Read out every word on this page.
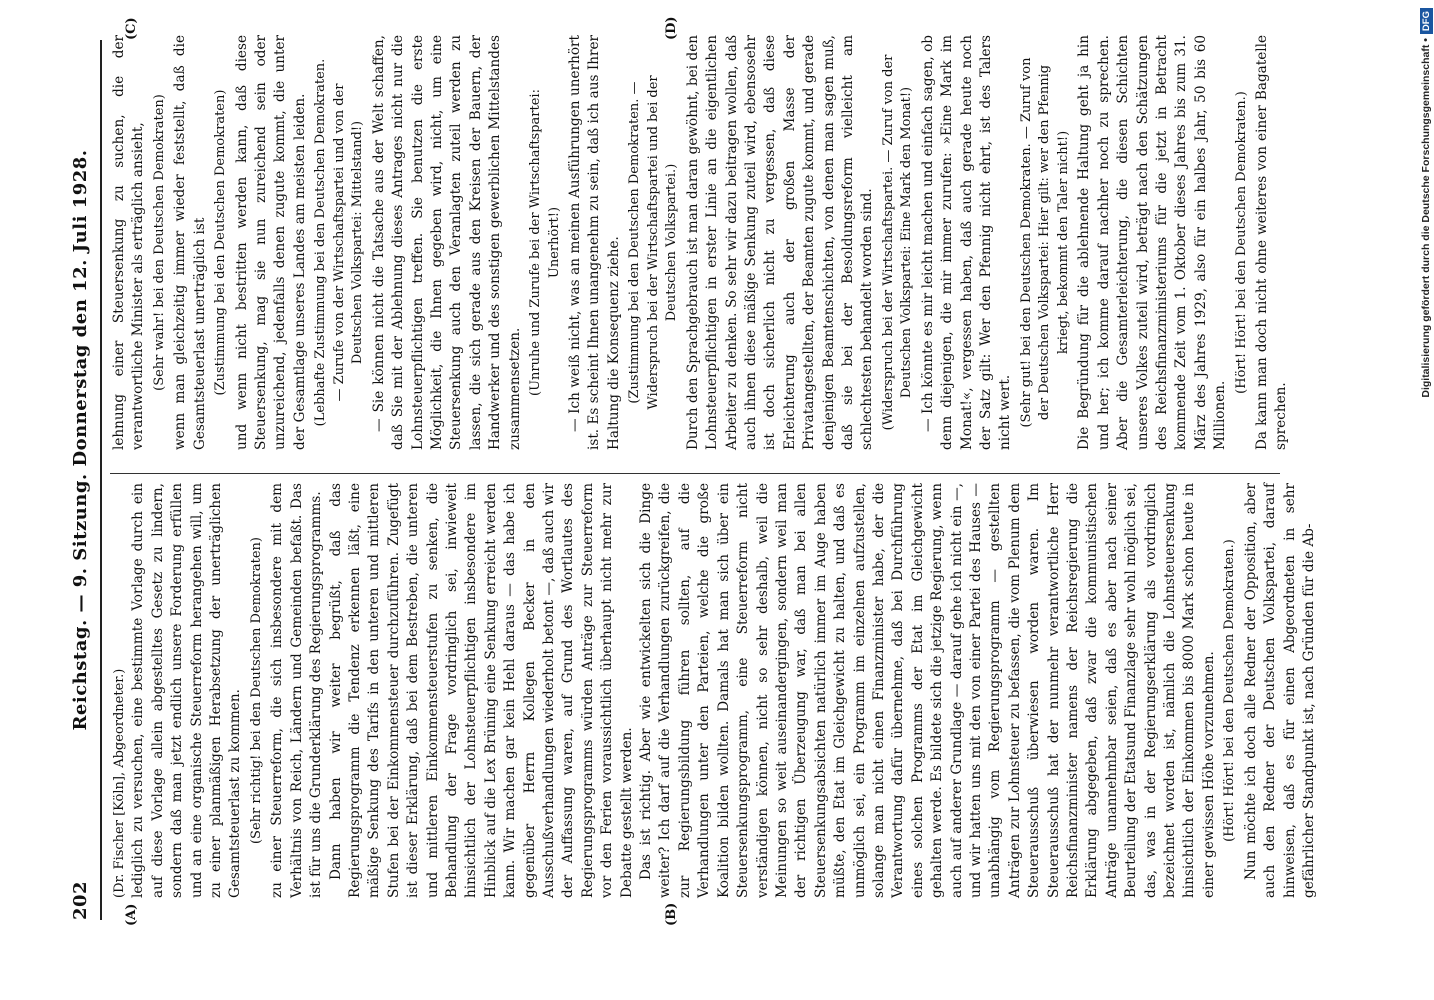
202
Reichstag. — 9. Sitzung. Donnerstag den 12. Juli 1928.
(A)	(B)
(C)	(D)

(Dr. Fischer [Köln], Abgeordneter.) lediglich zu versuchen, eine bestimmte Vorlage durch ein auf diese Vorlage allein abgestelltes Gesetz zu lindern, sondern daß man jetzt endlich unsere Forderung erfüllen und an eine organische Steuerreform herangehen will, um zu einer planmäßigen Herabsetzung der unerträglichen Gesamtsteuerlast zu kommen. (Sehr richtig! bei den Deutschen Demokraten) zu einer Steuerreform, die sich insbesondere mit dem Verhältnis von Reich, Ländern und Gemeinden befaßt. Das ist für uns die Grunderklärung des Regierungsprogramms. Dann haben wir weiter begrüßt, daß das Regierungsprogramm die Tendenz erkennen läßt, eine mäßige Senkung des Tarifs in den unteren und mittleren Stufen bei der Einkommensteuer durchzuführen. Zugefügt ist dieser Erklärung, daß bei dem Bestreben, die unteren und mittleren Einkommensteuerstufen zu senken, die Behandlung der Frage vordringlich sei, inwieweit hinsichtlich der Lohnsteuerpflichtigen insbesondere im Hinblick auf die Lex Brüning eine Senkung erreicht werden kann. Wir machen gar kein Hehl daraus — das habe ich gegenüber Herrn Kollegen Becker in den Ausschußverhandlungen wiederholt betont —, daß auch wir der Auffassung waren, auf Grund des Wortlautes des Regierungsprogramms würden Anträge zur Steuerreform vor den Ferien voraussichtlich überhaupt nicht mehr zur Debatte gestellt werden. Das ist richtig. Aber wie entwickelten sich die Dinge weiter? Ich darf auf die Verhandlungen zurückgreifen, die zur Regierungsbildung führen sollten, auf die Verhandlungen unter den Parteien, welche die große Koalition bilden wollten. Damals hat man sich über ein Steuersenkungsprogramm, eine Steuerreform nicht verständigen können, nicht so sehr deshalb, weil die Meinungen so weit auseinandergingen, sondern weil man der richtigen Überzeugung war, daß man bei allen Steuersenkungsabsichten natürlich immer im Auge haben müßte, den Etat im Gleichgewicht zu halten, und daß es unmöglich sei, ein Programm im einzelnen aufzustellen, solange man nicht einen Finanzminister habe, der die Verantwortung dafür übernehme, daß bei Durchführung eines solchen Programms der Etat im Gleichgewicht gehalten werde. Es bildete sich die jetzige Regierung, wenn auch auf anderer Grundlage — darauf gehe ich nicht ein —, und wir hatten uns mit den von einer Partei des Hauses — unabhängig vom Regierungsprogramm — gestellten Anträgen zur Lohnsteuer zu befassen, die vom Plenum dem Steuerausschuß überwiesen worden waren. Im Steuerausschuß hat der nunmehr verantwortliche Herr Reichsfinanzminister namens der Reichsregierung die Erklärung abgegeben, daß zwar die kommunistischen Anträge unannehmbar seien, daß es aber nach seiner Beurteilung der Etatsund Finanzlage sehr wohl möglich sei, das, was in der Regierungserklärung als vordringlich bezeichnet worden ist, nämlich die Lohnsteuersenkung hinsichtlich der Einkommen bis 8000 Mark schon heute in einer gewissen Höhe vorzunehmen. (Hört! Hört! bei den Deutschen Demokraten.) Nun möchte ich doch alle Redner der Opposition, aber auch den Redner der Deutschen Volkspartei, darauf hinweisen, daß es für einen Abgeordneten in sehr gefährlicher Standpunkt ist, nach Gründen für die Ab-

lehnung einer Steuersenkung zu suchen, die der verantwortliche Minister als erträglich ansieht, (Sehr wahr! bei den Deutschen Demokraten) wenn man gleichzeitig immer wieder feststellt, daß die Gesamtsteuerlast unerträglich ist (Zustimmung bei den Deutschen Demokraten) und wenn nicht bestritten werden kann, daß diese Steuersenkung, mag sie nun zureichend sein oder unzureichend, jedenfalls denen zugute kommt, die unter der Gesamtlage unseres Landes am meisten leiden. (Lebhafte Zustimmung bei den Deutschen Demokraten. — Zurufe von der Wirtschaftspartei und von der Deutschen Volkspartei: Mittelstand!) — Sie können nicht die Tatsache aus der Welt schaffen, daß Sie mit der Ablehnung dieses Antrages nicht nur die Lohnsteuerpflichtigen treffen. Sie benutzen die erste Möglichkeit, die Ihnen gegeben wird, nicht, um eine Steuersenkung auch den Veranlagten zuteil werden zu lassen, die sich gerade aus den Kreisen der Bauern, der Handwerker und des sonstigen gewerblichen Mittelstandes zusammensetzen. (Unruhe und Zurufe bei der Wirtschaftspartei: Unerhört!) — Ich weiß nicht, was an meinen Ausführungen unerhört ist. Es scheint Ihnen unangenehm zu sein, daß ich aus Ihrer Haltung die Konsequenz ziehe. (Zustimmung bei den Deutschen Demokraten. — Widerspruch bei der Wirtschaftspartei und bei der Deutschen Volkspartei.) Durch den Sprachgebrauch ist man daran gewöhnt, bei den Lohnsteuerpflichtigen in erster Linie an die eigentlichen Arbeiter zu denken. So sehr wir dazu beitragen wollen, daß auch ihnen diese mäßige Senkung zuteil wird, ebensosehr ist doch sicherlich nicht zu vergessen, daß diese Erleichterung auch der großen Masse der Privatangestellten, der Beamten zugute kommt, und gerade denjenigen Beamtenschichten, von denen man sagen muß, daß sie bei der Besoldungsreform vielleicht am schlechtesten behandelt worden sind. (Widerspruch bei der Wirtschaftspartei. — Zuruf von der Deutschen Volkspartei: Eine Mark den Monat!) — Ich könnte es mir leicht machen und einfach sagen, ob denn diejenigen, die mir immer zurufen: »Eine Mark im Monat!«, vergessen haben, daß auch gerade heute noch der Satz gilt: Wer den Pfennig nicht ehrt, ist des Talers nicht wert. (Sehr gut! bei den Deutschen Demokraten. — Zuruf von der Deutschen Volkspartei: Hier gilt: wer den Pfennig kriegt, bekommt den Taler nicht!) Die Begründung für die ablehnende Haltung geht ja hin und her; ich komme darauf nachher noch zu sprechen. Aber die Gesamterleichterung, die diesen Schichten unseres Volkes zuteil wird, beträgt nach den Schätzungen des Reichsfinanzministeriums für die jetzt in Betracht kommende Zeit vom 1. Oktober dieses Jahres bis zum 31. März des Jahres 1929, also für ein halbes Jahr, 50 bis 60 Millionen.

(Hört! Hört! bei den Deutschen Demokraten.) Da kann man doch nicht ohne weiteres von einer Bagatelle sprechen.

Digitalisierung gefördert durch die Deutsche Forschungsgemeinschaft •
DFG
